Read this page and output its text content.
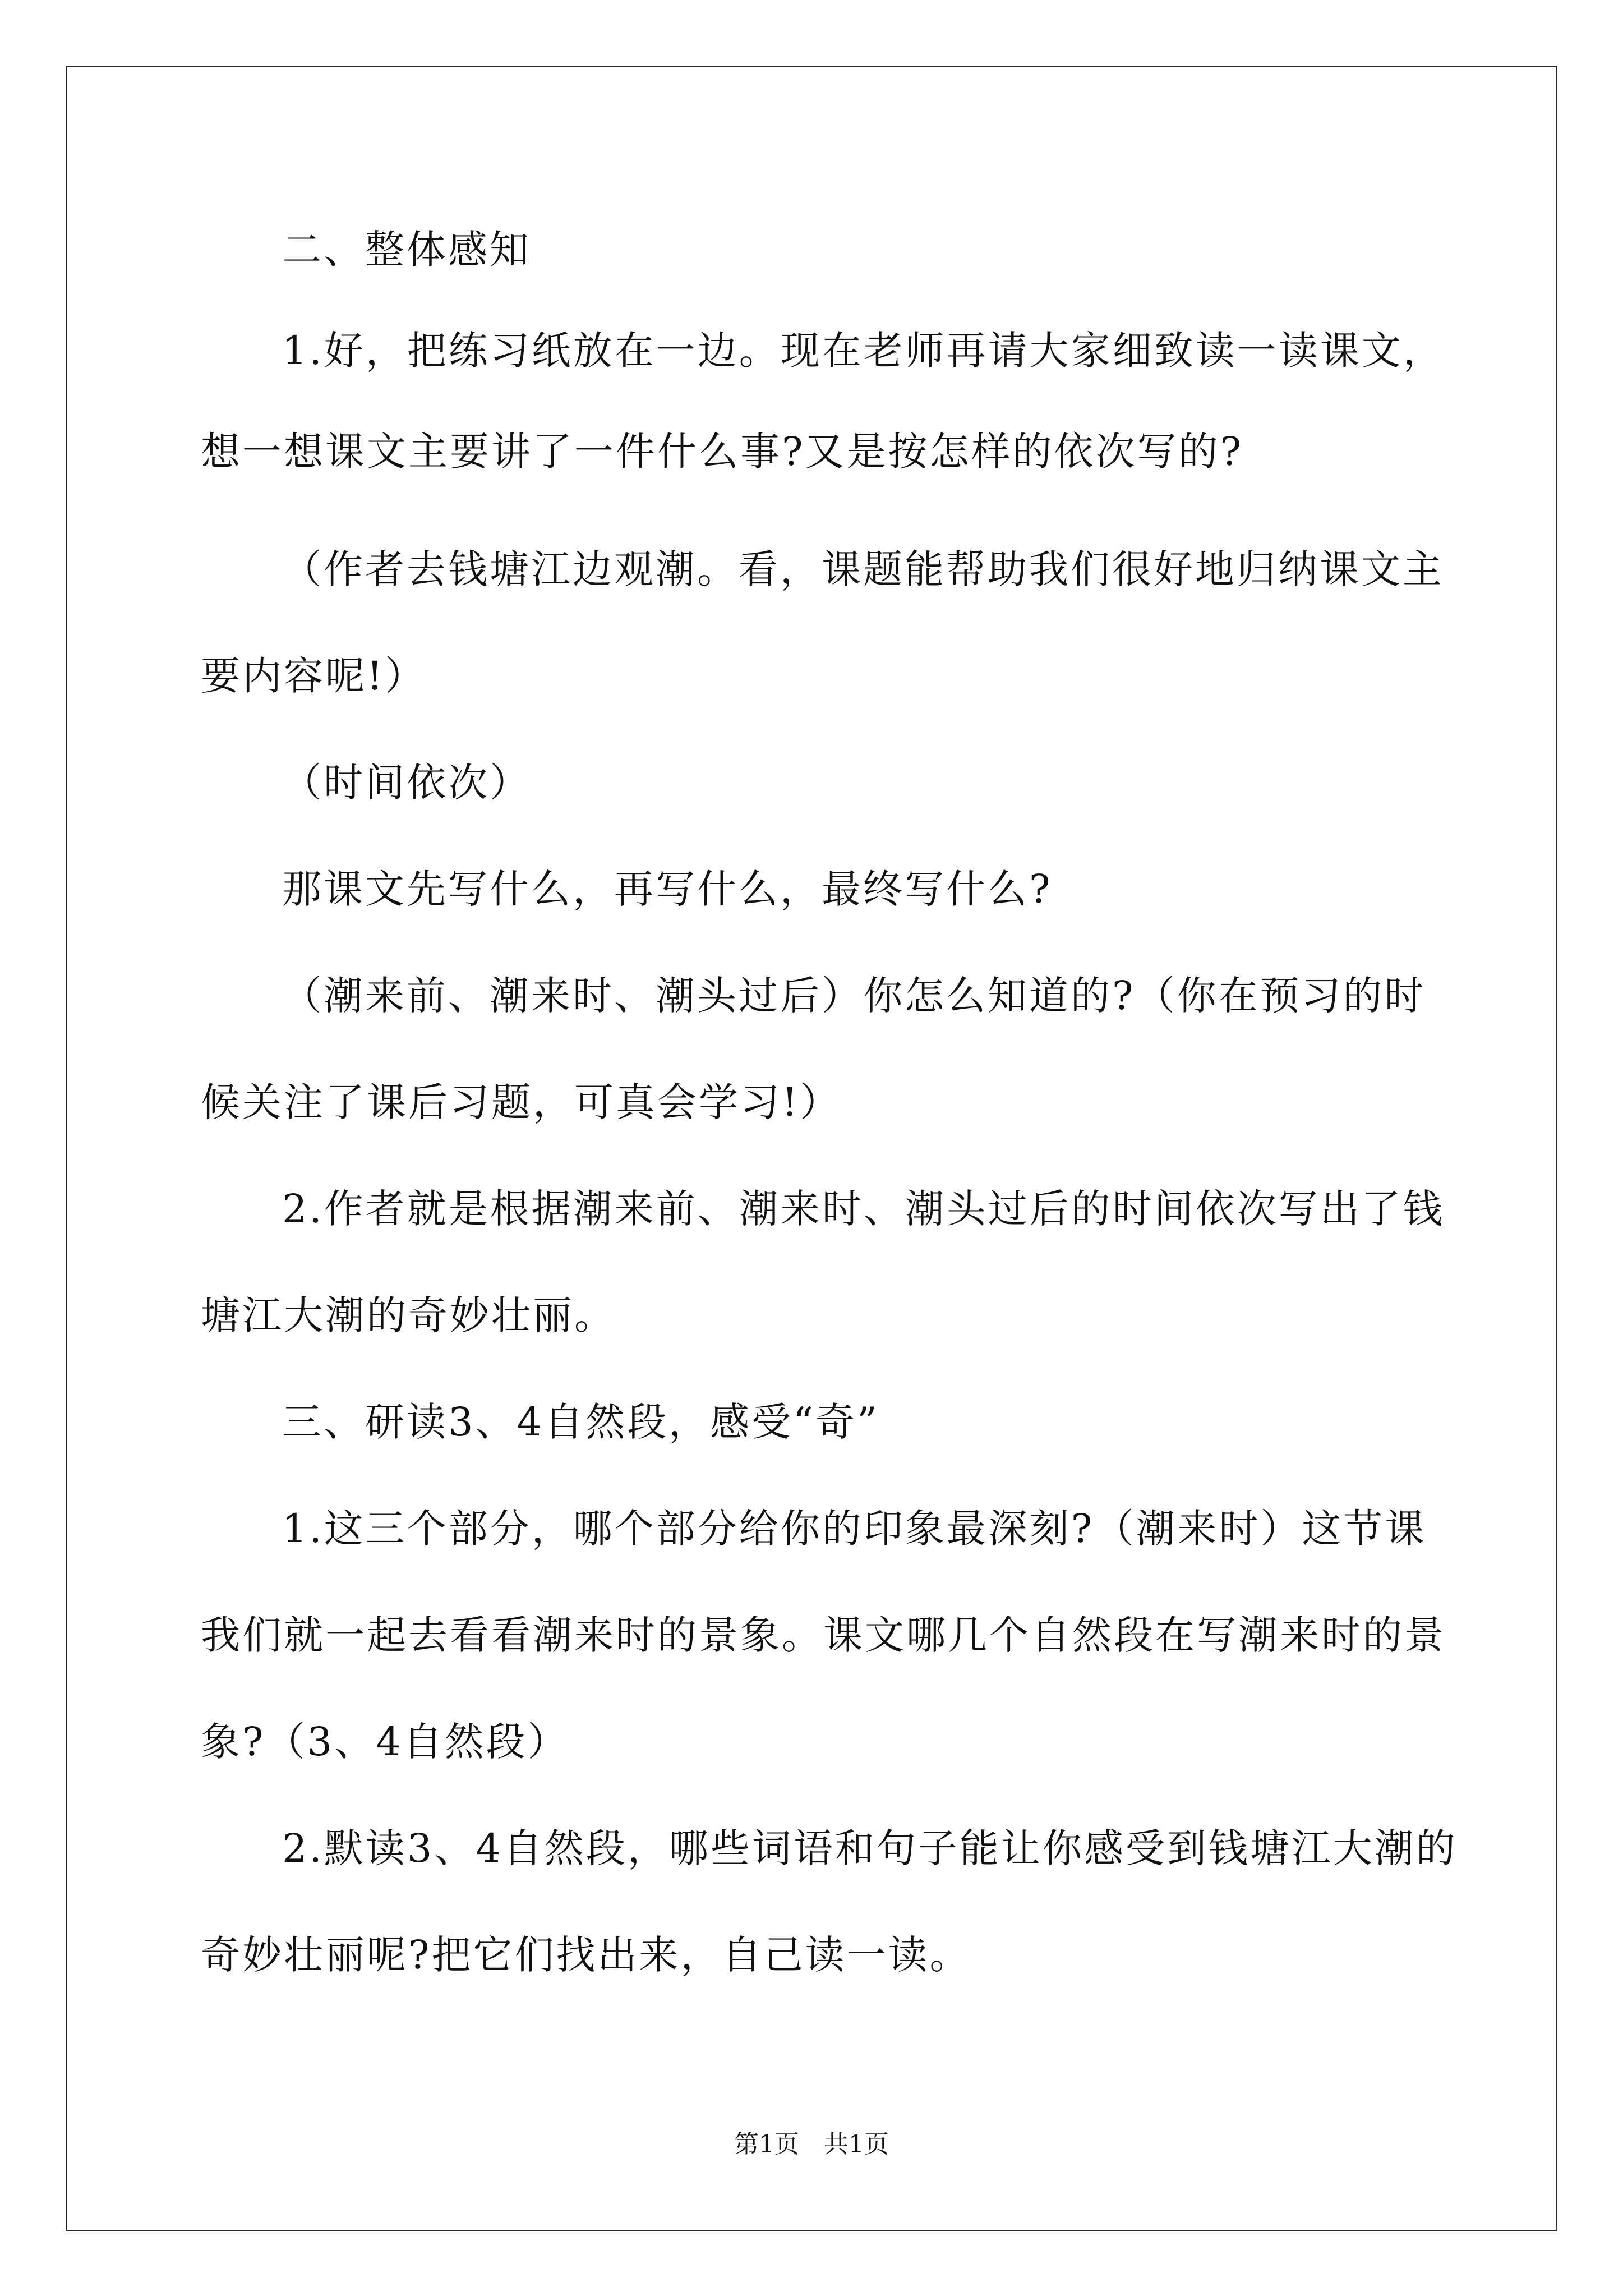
二、整体感知
1.好，把练习纸放在一边。现在老师再请大家细致读一读课文，
想一想课文主要讲了一件什么事?又是按怎样的依次写的?
（作者去钱塘江边观潮。看，课题能帮助我们很好地归纳课文主
要内容呢!）
（时间依次）
那课文先写什么，再写什么，最终写什么?
（潮来前、潮来时、潮头过后）你怎么知道的?（你在预习的时
候关注了课后习题，可真会学习!）
2.作者就是根据潮来前、潮来时、潮头过后的时间依次写出了钱
塘江大潮的奇妙壮丽。
三、研读3、4自然段，感受“奇”
1.这三个部分，哪个部分给你的印象最深刻?（潮来时）这节课
我们就一起去看看潮来时的景象。课文哪几个自然段在写潮来时的景
象?（3、4自然段）
2.默读3、4自然段，哪些词语和句子能让你感受到钱塘江大潮的
奇妙壮丽呢?把它们找出来，自己读一读。
第1页　共1页
